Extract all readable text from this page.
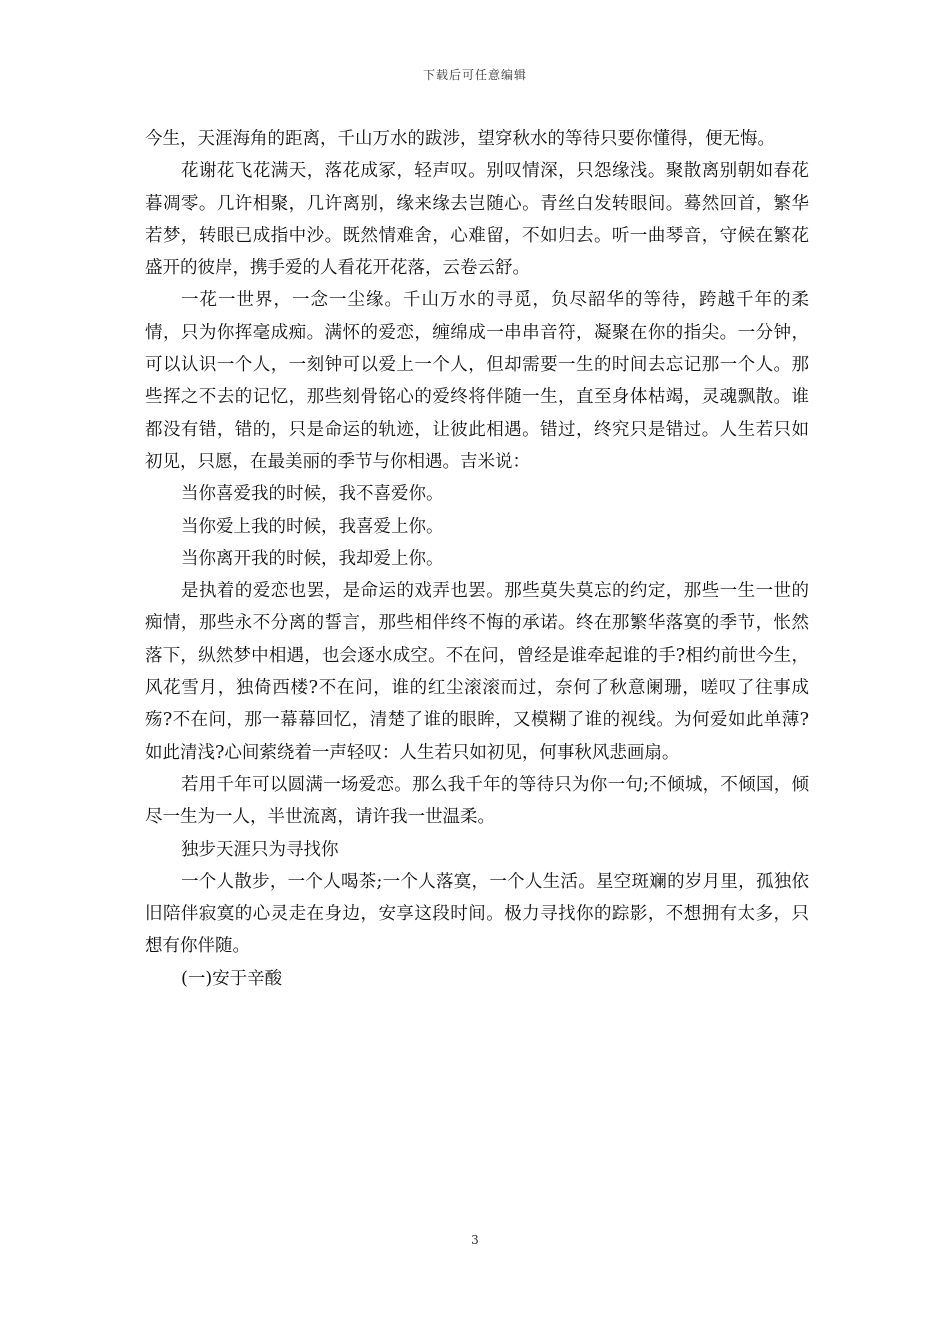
下载后可任意编辑

今生，天涯海角的距离，千山万水的跋涉，望穿秋水的等待只要你懂得，便无悔。

花谢花飞花满天，落花成冢，轻声叹。别叹情深，只怨缘浅。聚散离别朝如春花暮凋零。几许相聚，几许离别，缘来缘去岂随心。青丝白发转眼间。蓦然回首，繁华若梦，转眼已成指中沙。既然情难舍，心难留，不如归去。听一曲琴音，守候在繁花盛开的彼岸，携手爱的人看花开花落，云卷云舒。

一花一世界，一念一尘缘。千山万水的寻觅，负尽韶华的等待，跨越千年的柔情，只为你挥毫成痴。满怀的爱恋，缠绵成一串串音符，凝聚在你的指尖。一分钟，可以认识一个人，一刻钟可以爱上一个人，但却需要一生的时间去忘记那一个人。那些挥之不去的记忆，那些刻骨铭心的爱终将伴随一生，直至身体枯竭，灵魂飘散。谁都没有错，错的，只是命运的轨迹，让彼此相遇。错过，终究只是错过。人生若只如初见，只愿，在最美丽的季节与你相遇。吉米说：

当你喜爱我的时候，我不喜爱你。

当你爱上我的时候，我喜爱上你。

当你离开我的时候，我却爱上你。

是执着的爱恋也罢，是命运的戏弄也罢。那些莫失莫忘的约定，那些一生一世的痴情，那些永不分离的誓言，那些相伴终不悔的承诺。终在那繁华落寞的季节，怅然落下，纵然梦中相遇，也会逐水成空。不在问，曾经是谁牵起谁的手?相约前世今生，风花雪月，独倚西楼?不在问，谁的红尘滚滚而过，奈何了秋意阑珊，嗟叹了往事成殇?不在问，那一幕幕回忆，清楚了谁的眼眸，又模糊了谁的视线。为何爱如此单薄?如此清浅?心间萦绕着一声轻叹：人生若只如初见，何事秋风悲画扇。

若用千年可以圆满一场爱恋。那么我千年的等待只为你一句;不倾城，不倾国，倾尽一生为一人，半世流离，请许我一世温柔。

独步天涯只为寻找你

一个人散步，一个人喝茶;一个人落寞，一个人生活。星空斑斓的岁月里，孤独依旧陪伴寂寞的心灵走在身边，安享这段时间。极力寻找你的踪影，不想拥有太多，只想有你伴随。

(一)安于辛酸

3
